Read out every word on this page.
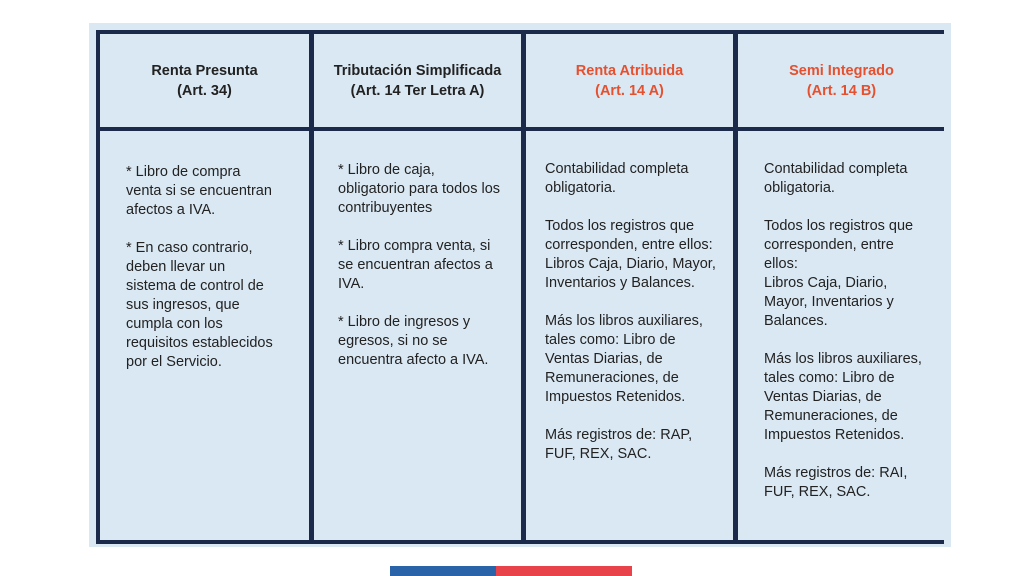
Renta Presunta
(Art. 34)
Tributación Simplificada
(Art. 14 Ter Letra A)
Renta Atribuida
(Art. 14 A)
Semi Integrado
(Art. 14 B)
* Libro de compra
venta si se encuentran
afectos a IVA.

* En caso contrario,
deben llevar un
sistema de control de
sus ingresos, que
cumpla con los
requisitos establecidos
por el Servicio.
* Libro de caja,
obligatorio para todos los
contribuyentes

* Libro compra venta, si
se encuentran afectos a
IVA.

* Libro de ingresos y
egresos, si no se
encuentra afecto a IVA.
Contabilidad completa
obligatoria.

Todos los registros que
corresponden, entre ellos:
Libros Caja, Diario, Mayor,
Inventarios y Balances.

Más los libros auxiliares,
tales como: Libro de
Ventas Diarias, de
Remuneraciones, de
Impuestos Retenidos.

Más registros de: RAP,
FUF, REX, SAC.
Contabilidad completa
obligatoria.

Todos los registros que
corresponden, entre
ellos:
Libros Caja, Diario,
Mayor, Inventarios y
Balances.

Más los libros auxiliares,
tales como: Libro de
Ventas Diarias, de
Remuneraciones, de
Impuestos Retenidos.

Más registros de: RAI,
FUF, REX, SAC.
